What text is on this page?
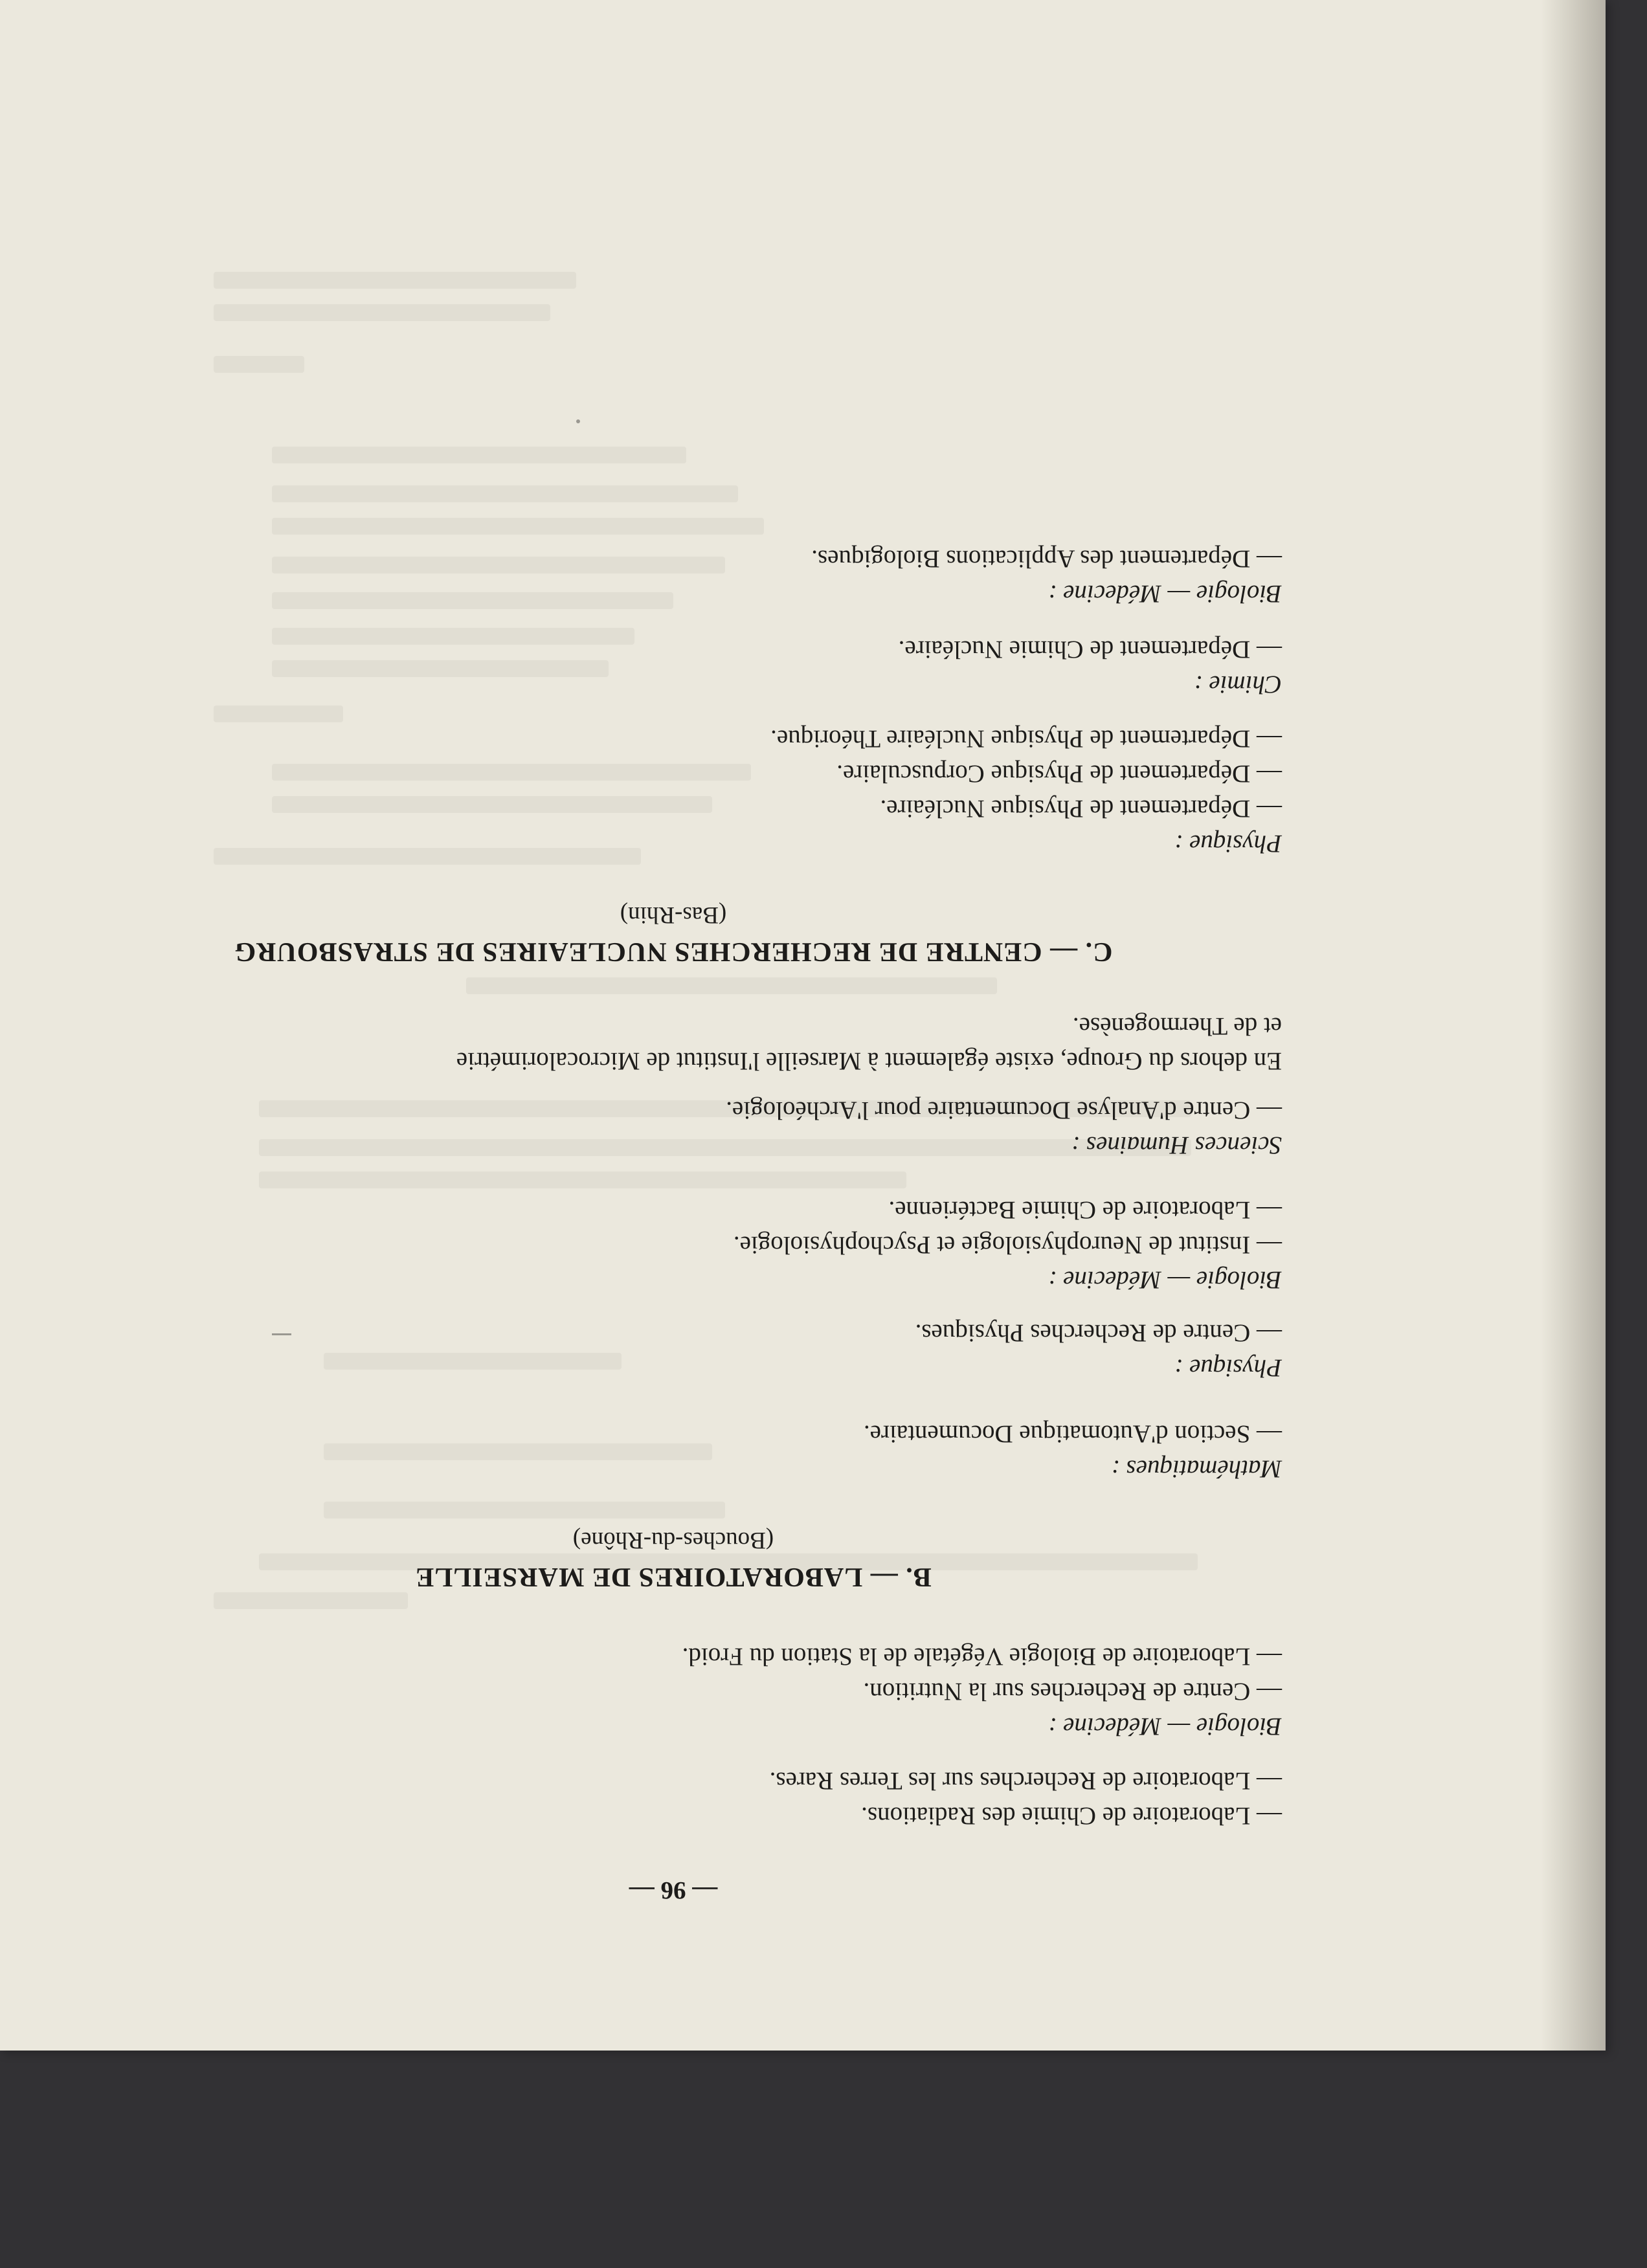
— 96 —
— Laboratoire de Chimie des Radiations.
— Laboratoire de Recherches sur les Terres Rares.
Biologie — Médecine :
— Centre de Recherches sur la Nutrition.
— Laboratoire de Biologie Végétale de la Station du Froid.
B. — LABORATOIRES DE MARSEILLE
(Bouches-du-Rhône)
Mathématiques :
— Section d'Automatique Documentaire.
Physique :
— Centre de Recherches Physiques.
Biologie — Médecine :
— Institut de Neurophysiologie et Psychophysiologie.
— Laboratoire de Chimie Bactérienne.
Sciences Humaines :
— Centre d'Analyse Documentaire pour l'Archéologie.
En dehors du Groupe, existe également à Marseille l'Institut de Microcalorimétrie
et de Thermogenèse.
C. — CENTRE DE RECHERCHES NUCLEAIRES DE STRASBOURG
(Bas-Rhin)
Physique :
— Département de Physique Nucléaire.
— Département de Physique Corpusculaire.
— Département de Physique Nucléaire Théorique.
Chimie :
— Département de Chimie Nucléaire.
Biologie — Médecine :
— Département des Applications Biologiques.
